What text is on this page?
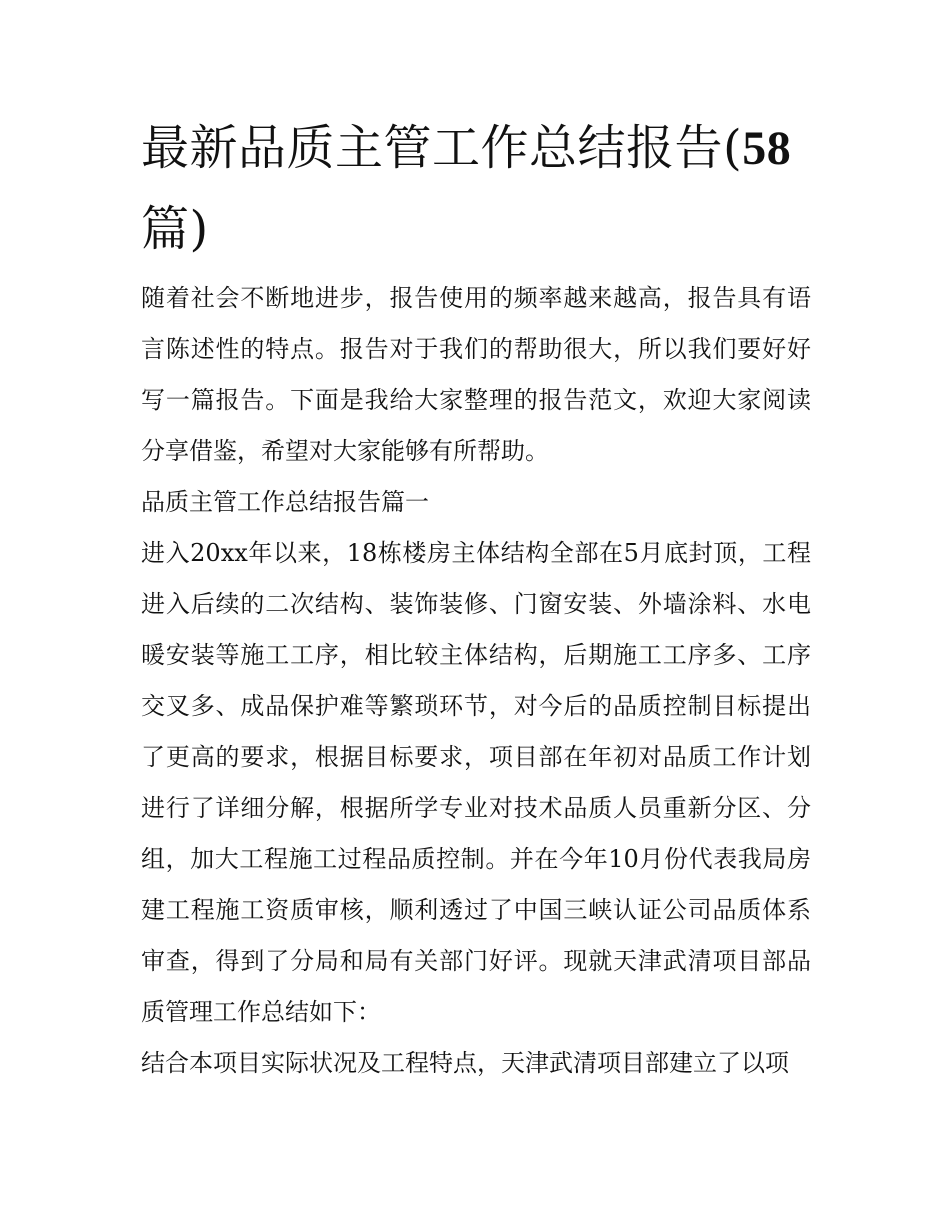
最新品质主管工作总结报告(58
篇)

随着社会不断地进步，报告使用的频率越来越高，报告具有语言陈述性的特点。报告对于我们的帮助很大，所以我们要好好写一篇报告。下面是我给大家整理的报告范文，欢迎大家阅读分享借鉴，希望对大家能够有所帮助。

品质主管工作总结报告篇一

进入20xx年以来，18栋楼房主体结构全部在5月底封顶，工程进入后续的二次结构、装饰装修、门窗安装、外墙涂料、水电暖安装等施工工序，相比较主体结构，后期施工工序多、工序交叉多、成品保护难等繁琐环节，对今后的品质控制目标提出了更高的要求，根据目标要求，项目部在年初对品质工作计划进行了详细分解，根据所学专业对技术品质人员重新分区、分组，加大工程施工过程品质控制。并在今年10月份代表我局房建工程施工资质审核，顺利透过了中国三峡认证公司品质体系审查，得到了分局和局有关部门好评。现就天津武清项目部品质管理工作总结如下：

结合本项目实际状况及工程特点，天津武清项目部建立了以项
